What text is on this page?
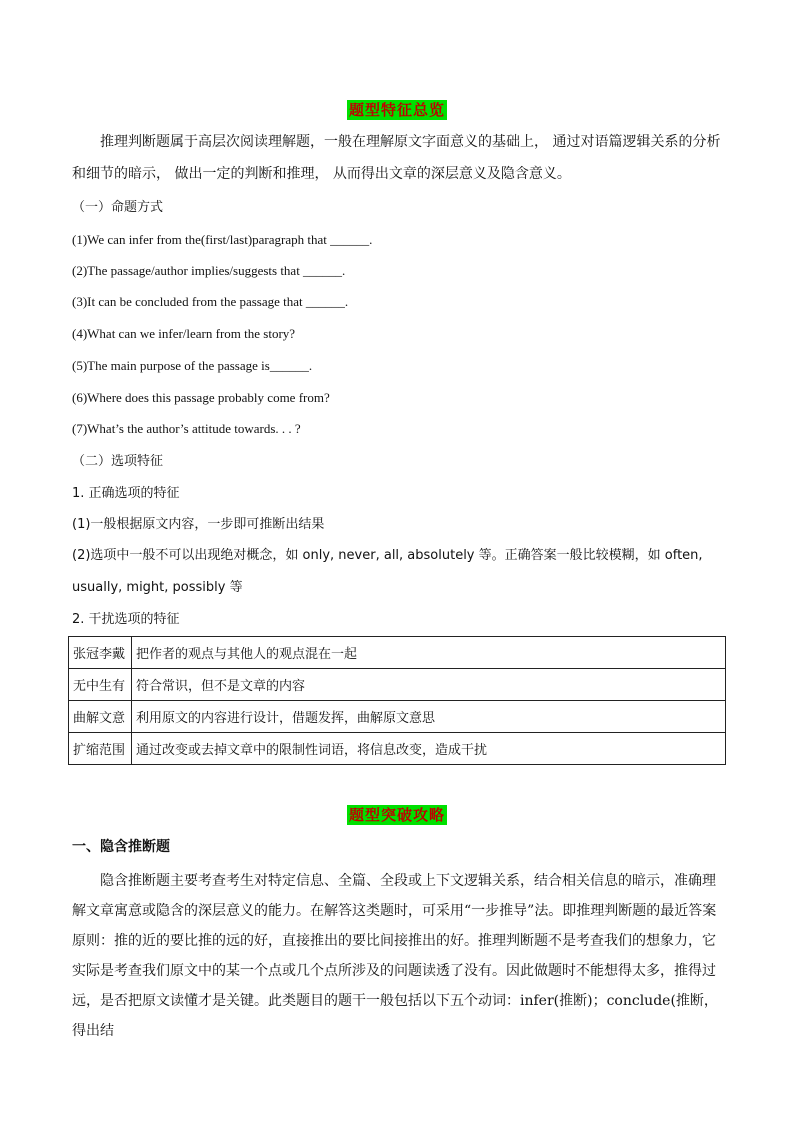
题型特征总览
推理判断题属于高层次阅读理解题，一般在理解原文字面意义的基础上， 通过对语篇逻辑关系的分析和细节的暗示， 做出一定的判断和推理， 从而得出文章的深层意义及隐含意义。
（一）命题方式
(1)We can infer from the(first/last)paragraph that ______.
(2)The passage/author implies/suggests that ______.
(3)It can be concluded from the passage that ______.
(4)What can we infer/learn from the story?
(5)The main purpose of the passage is______.
(6)Where does this passage probably come from?
(7)What’s the author’s attitude towards. . . ?
（二）选项特征
1. 正确选项的特征
(1)一般根据原文内容，一步即可推断出结果
(2)选项中一般不可以出现绝对概念，如 only, never, all, absolutely 等。正确答案一般比较模糊，如 often, usually, might, possibly 等
2. 干扰选项的特征
张冠李戴	把作者的观点与其他人的观点混在一起
无中生有	符合常识，但不是文章的内容
曲解文意	利用原文的内容进行设计，借题发挥，曲解原文意思
扩缩范围	通过改变或去掉文章中的限制性词语，将信息改变，造成干扰
题型突破攻略
一、隐含推断题
隐含推断题主要考查考生对特定信息、全篇、全段或上下文逻辑关系，结合相关信息的暗示，准确理解文章寓意或隐含的深层意义的能力。在解答这类题时，可采用“一步推导”法。即推理判断题的最近答案原则：推的近的要比推的远的好，直接推出的要比间接推出的好。推理判断题不是考查我们的想象力，它实际是考查我们原文中的某一个点或几个点所涉及的问题读透了没有。因此做题时不能想得太多，推得过远，是否把原文读懂才是关键。此类题目的题干一般包括以下五个动词：infer(推断)；conclude(推断，得出结
